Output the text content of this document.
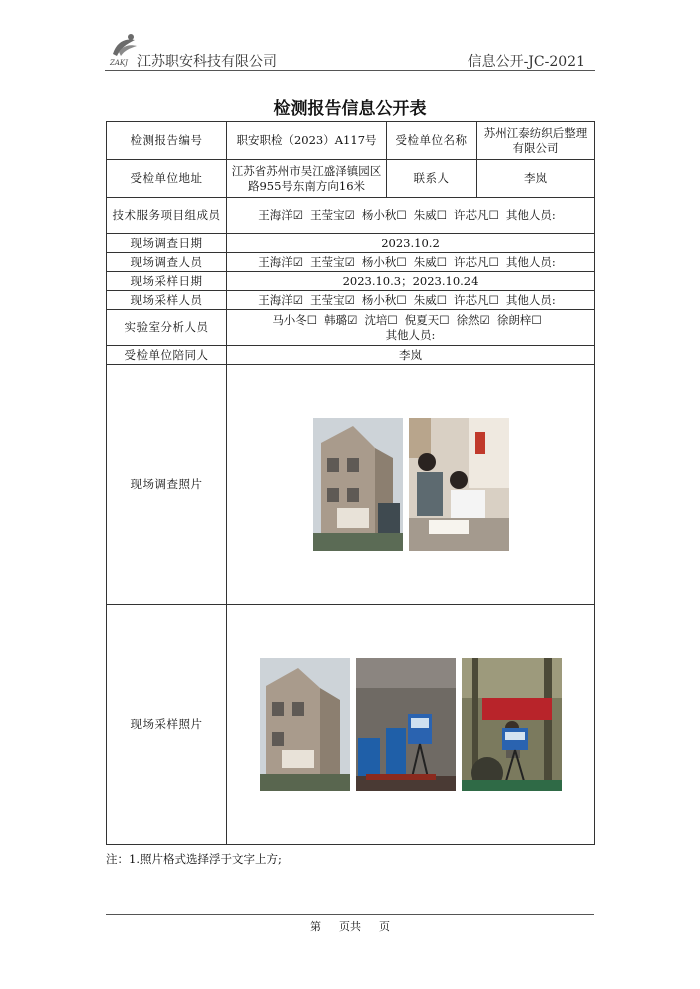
ZAKJ 江苏职安科技有限公司	信息公开-JC-2021
检测报告信息公开表
检测报告编号	职安职检（2023）A117号	受检单位名称	苏州江泰纺织后整理有限公司
受检单位地址	江苏省苏州市吴江盛泽镇园区路955号东南方向16米	联系人	李岚
技术服务项目组成员	王海洋☑ 王莹宝☑ 杨小秋☐ 朱威☐ 许芯凡☐ 其他人员:		
现场调查日期	2023.10.2		
现场调查人员	王海洋☑ 王莹宝☑ 杨小秋☐ 朱威☐ 许芯凡☐ 其他人员:		
现场采样日期	2023.10.3；2023.10.24		
现场采样人员	王海洋☑ 王莹宝☑ 杨小秋☐ 朱威☐ 许芯凡☐ 其他人员:		
实验室分析人员	马小冬☐ 韩璐☑ 沈培☐ 倪夏天☐ 徐然☑ 徐朗梓☐
其他人员:		

受检单位陪同人	李岚		
现场调查照片	

现场采样照片	
注：1.照片格式选择浮于文字上方;
第 页共 页
